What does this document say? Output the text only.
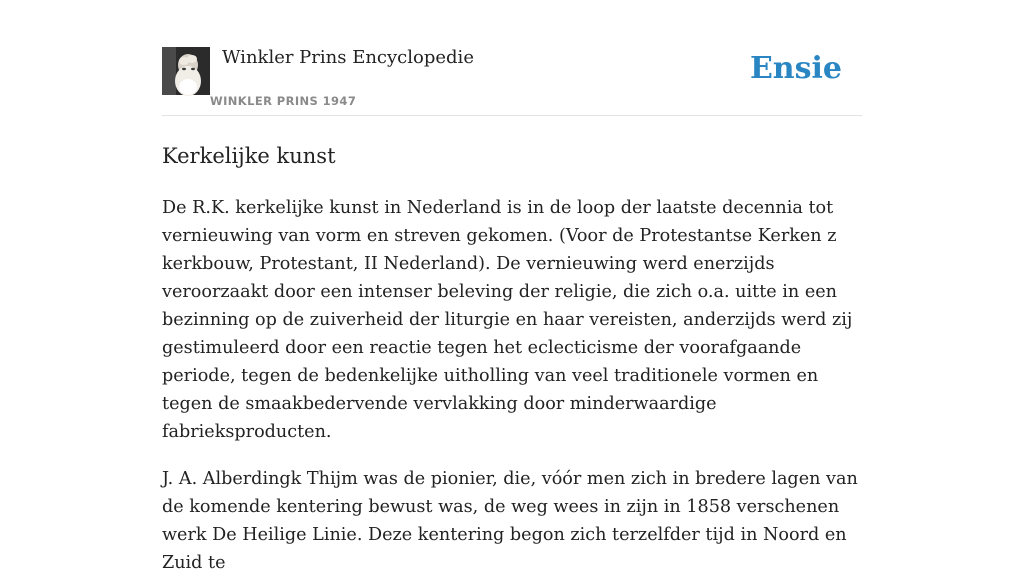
Winkler Prins Encyclopedie
WINKLER PRINS 1947
Ensie
Kerkelijke kunst

De R.K. kerkelijke kunst in Nederland is in de loop der laatste decennia tot vernieuwing van vorm en streven gekomen. (Voor de Protestantse Kerken z kerkbouw, Protestant, II Nederland). De vernieuwing werd enerzijds veroorzaakt door een intenser beleving der religie, die zich o.a. uitte in een bezinning op de zuiverheid der liturgie en haar vereisten, anderzijds werd zij gestimuleerd door een reactie tegen het eclecticisme der voorafgaande periode, tegen de bedenkelijke uitholling van veel traditionele vormen en tegen de smaakbedervende vervlakking door minderwaardige fabrieksproducten.

J. A. Alberdingk Thijm was de pionier, die, vóór men zich in bredere lagen van de komende kentering bewust was, de weg wees in zijn in 1858 verschenen werk De Heilige Linie. Deze kentering begon zich terzelfder tijd in Noord en Zuid te
